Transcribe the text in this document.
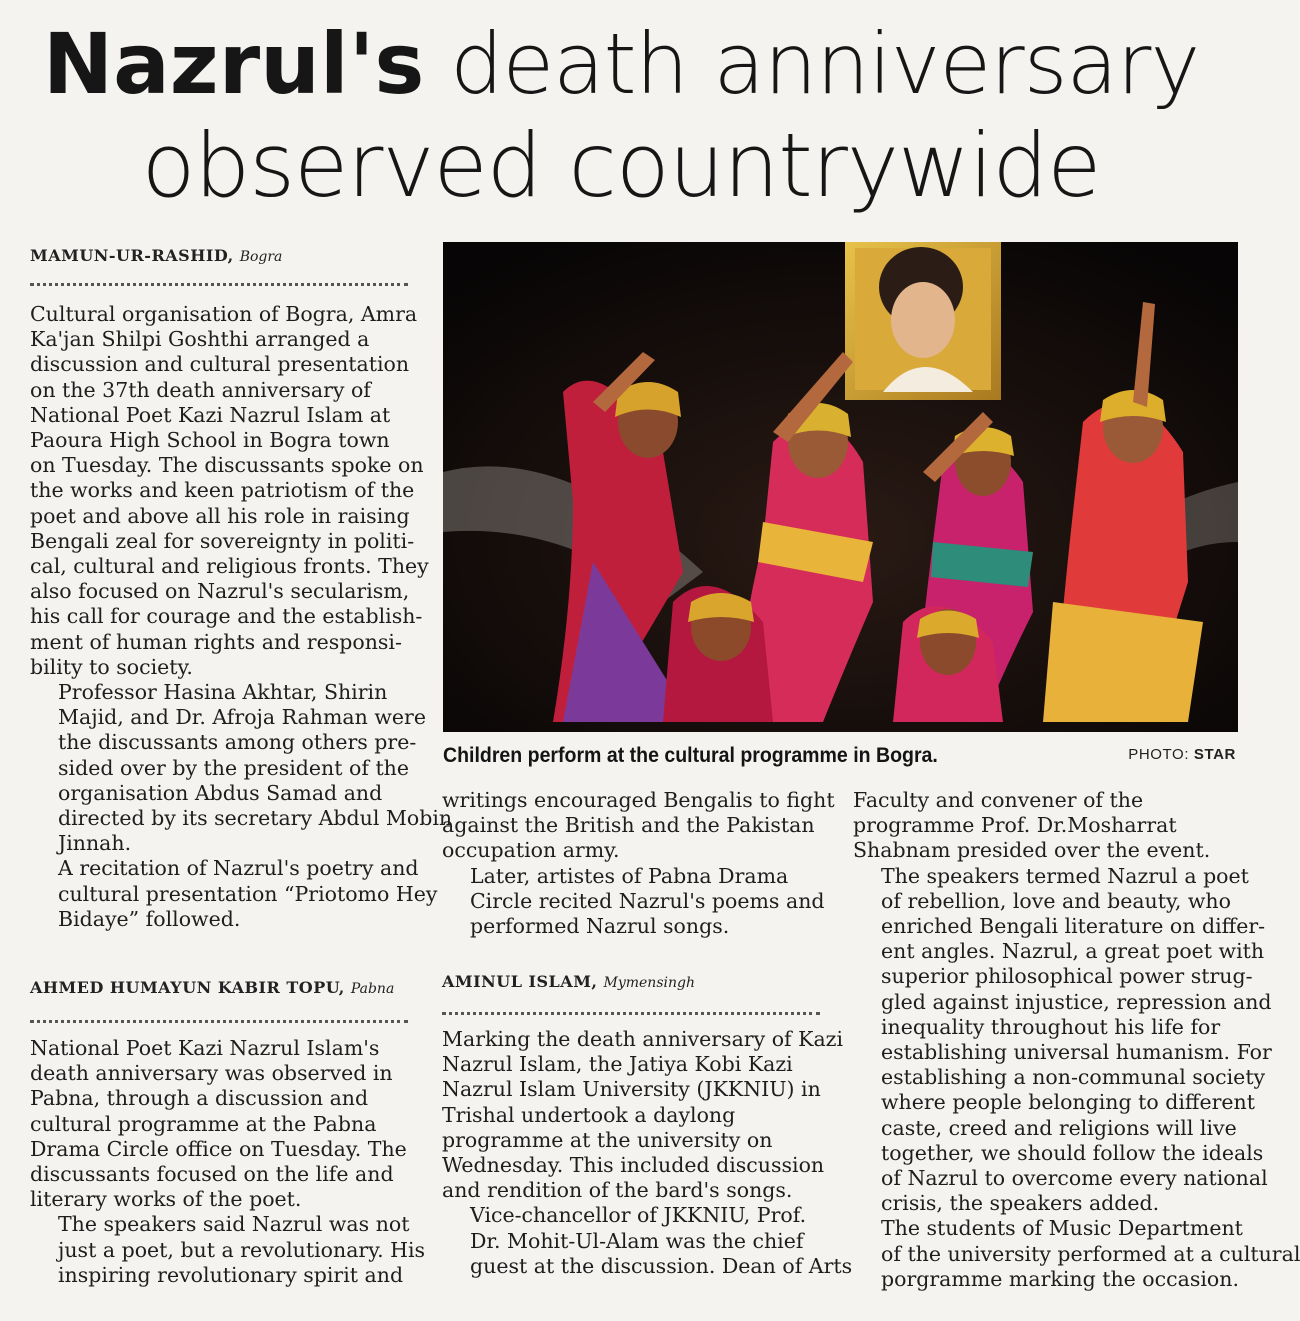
Nazrul's death anniversary
observed countrywide
MAMUN-UR-RASHID, Bogra

Cultural organisation of Bogra, Amra
Ka'jan Shilpi Goshthi arranged a
discussion and cultural presentation
on the 37th death anniversary of
National Poet Kazi Nazrul Islam at
Paoura High School in Bogra town
on Tuesday. The discussants spoke on
the works and keen patriotism of the
poet and above all his role in raising
Bengali zeal for sovereignty in politi-
cal, cultural and religious fronts. They
also focused on Nazrul's secularism,
his call for courage and the establish-
ment of human rights and responsi-
bility to society.

Professor Hasina Akhtar, Shirin
Majid, and Dr. Afroja Rahman were
the discussants among others pre-
sided over by the president of the
organisation Abdus Samad and
directed by its secretary Abdul Mobin
Jinnah.

A recitation of Nazrul's poetry and
cultural presentation “Priotomo Hey
Bidaye” followed.

AHMED HUMAYUN KABIR TOPU, Pabna

National Poet Kazi Nazrul Islam's
death anniversary was observed in
Pabna, through a discussion and
cultural programme at the Pabna
Drama Circle office on Tuesday. The
discussants focused on the life and
literary works of the poet.

The speakers said Nazrul was not
just a poet, but a revolutionary. His
inspiring revolutionary spirit and

Children perform at the cultural programme in Bogra.	PHOTO: STAR

writings encouraged Bengalis to fight
against the British and the Pakistan
occupation army.

Later, artistes of Pabna Drama
Circle recited Nazrul's poems and
performed Nazrul songs.

AMINUL ISLAM, Mymensingh

Marking the death anniversary of Kazi
Nazrul Islam, the Jatiya Kobi Kazi
Nazrul Islam University (JKKNIU) in
Trishal undertook a daylong
programme at the university on
Wednesday. This included discussion
and rendition of the bard's songs.

Vice-chancellor of JKKNIU, Prof.
Dr. Mohit-Ul-Alam was the chief
guest at the discussion. Dean of Arts

Faculty and convener of the
programme Prof. Dr.Mosharrat
Shabnam presided over the event.

The speakers termed Nazrul a poet
of rebellion, love and beauty, who
enriched Bengali literature on differ-
ent angles. Nazrul, a great poet with
superior philosophical power strug-
gled against injustice, repression and
inequality throughout his life for
establishing universal humanism. For
establishing a non-communal society
where people belonging to different
caste, creed and religions will live
together, we should follow the ideals
of Nazrul to overcome every national
crisis, the speakers added.

The students of Music Department
of the university performed at a cultural
porgramme marking the occasion.
